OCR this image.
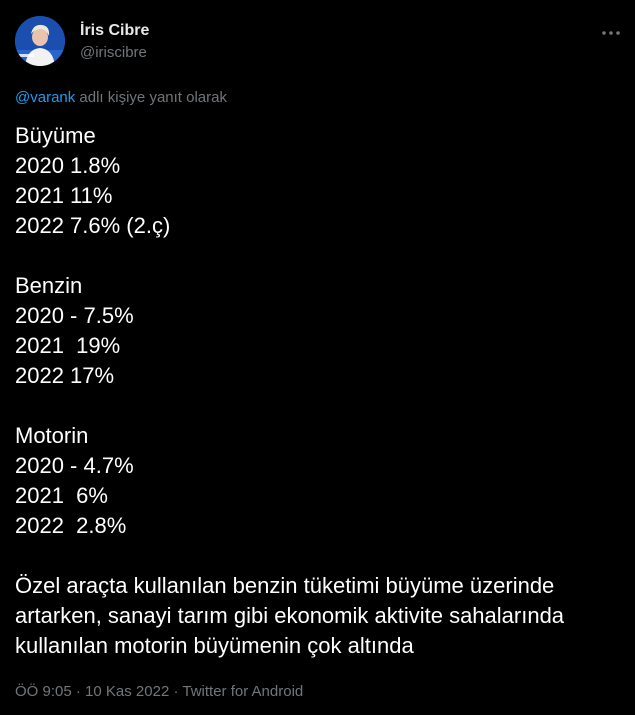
İris Cibre
@iriscibre
@varank adlı kişiye yanıt olarak
Büyüme
2020 1.8%
2021 11%
2022 7.6% (2.ç)
Benzin
2020 - 7.5%
2021  19%
2022 17%
Motorin
2020 - 4.7%
2021  6%
2022  2.8%
Özel araçta kullanılan benzin tüketimi büyüme üzerinde artarken, sanayi tarım gibi ekonomik aktivite sahalarında kullanılan motorin büyümenin çok altında
ÖÖ 9:05 · 10 Kas 2022 · Twitter for Android
